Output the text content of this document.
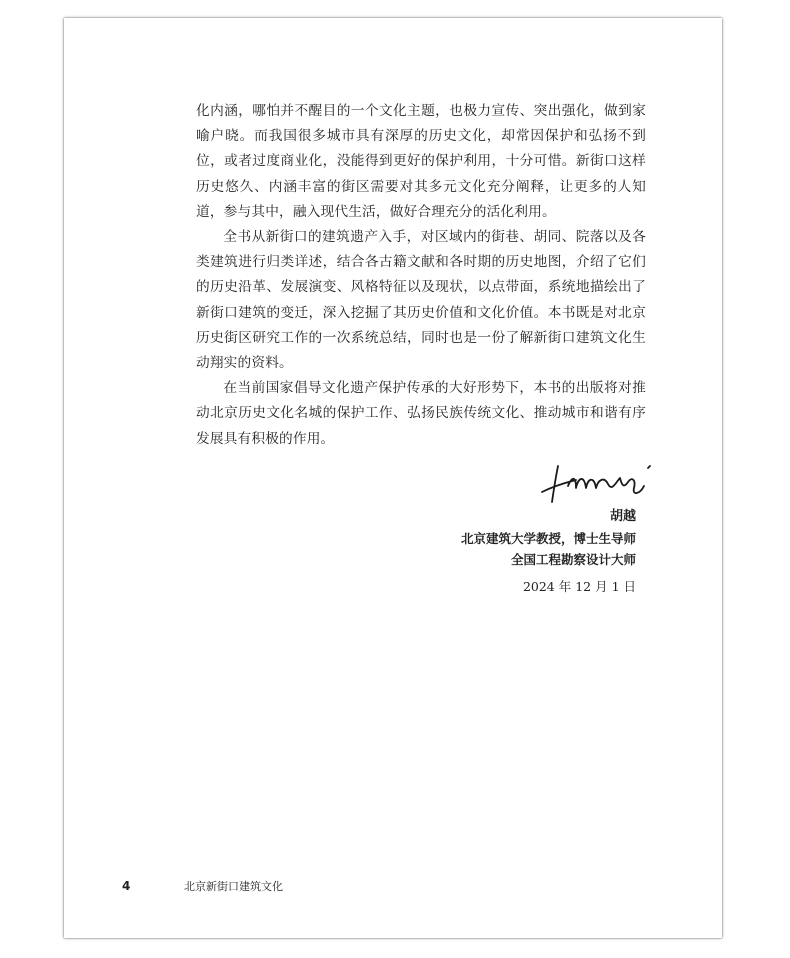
化内涵，哪怕并不醒目的一个文化主题，也极力宣传、突出强化，做到家喻户晓。而我国很多城市具有深厚的历史文化，却常因保护和弘扬不到位，或者过度商业化，没能得到更好的保护利用，十分可惜。新街口这样历史悠久、内涵丰富的街区需要对其多元文化充分阐释，让更多的人知道，参与其中，融入现代生活，做好合理充分的活化利用。

全书从新街口的建筑遗产入手，对区域内的街巷、胡同、院落以及各类建筑进行归类详述，结合各古籍文献和各时期的历史地图，介绍了它们的历史沿革、发展演变、风格特征以及现状，以点带面，系统地描绘出了新街口建筑的变迁，深入挖掘了其历史价值和文化价值。本书既是对北京历史街区研究工作的一次系统总结，同时也是一份了解新街口建筑文化生动翔实的资料。

在当前国家倡导文化遗产保护传承的大好形势下，本书的出版将对推动北京历史文化名城的保护工作、弘扬民族传统文化、推动城市和谐有序发展具有积极的作用。

胡越
北京建筑大学教授，博士生导师
全国工程勘察设计大师
2024 年 12 月 1 日
4	北京新街口建筑文化
